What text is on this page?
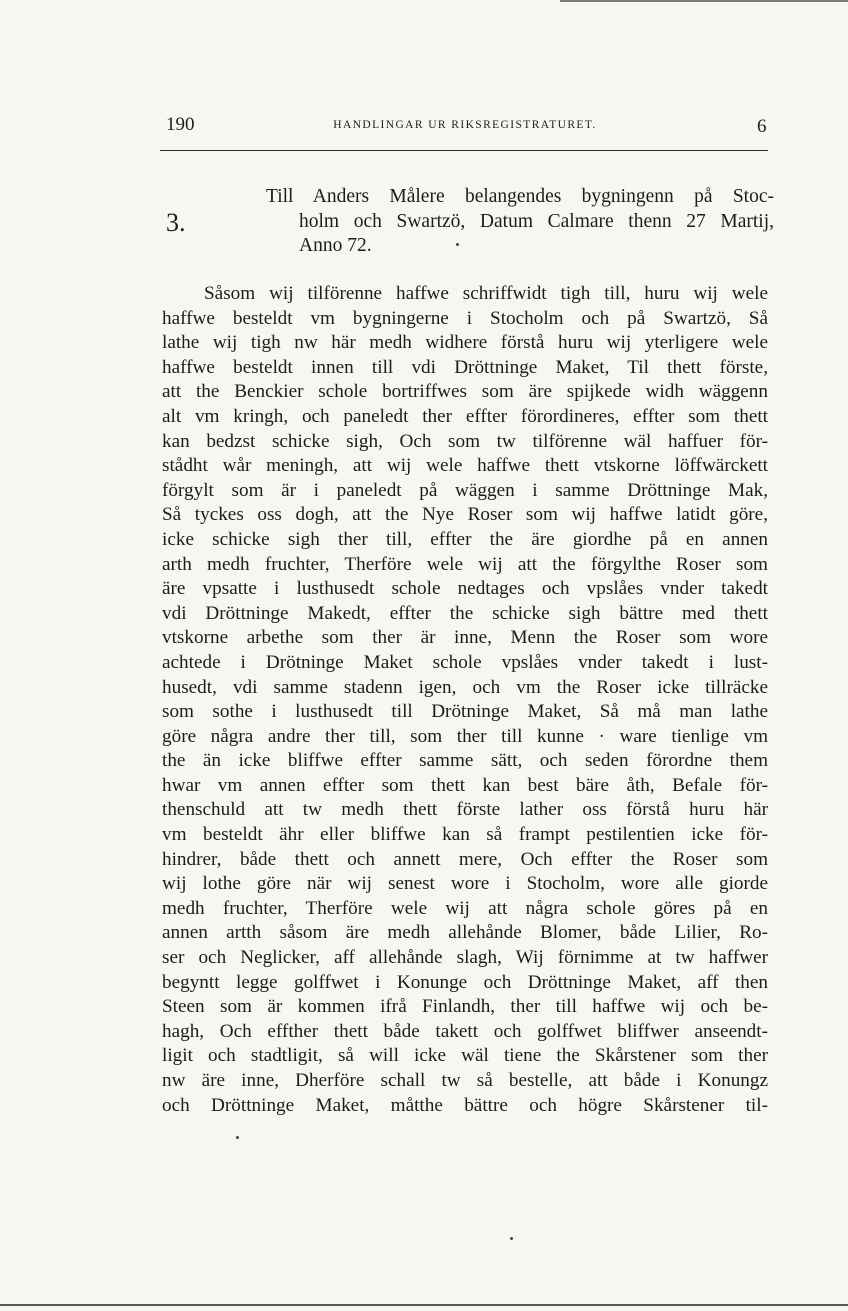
190	HANDLINGAR UR RIKSREGISTRATURET.	6
3.
Till Anders Målere belangendes bygningenn på Stoc-
holm och Swartzö, Datum Calmare thenn 27 Martij,
Anno 72.
Såsom wij tilförenne haffwe schriffwidt tigh till, huru wij wele
haffwe besteldt vm bygningerne i Stocholm och på Swartzö, Så
lathe wij tigh nw här medh widhere förstå huru wij yterligere wele
haffwe besteldt innen till vdi Dröttninge Maket, Til thett förste,
att the Benckier schole bortriffwes som äre spijkede widh wäggenn
alt vm kringh, och paneledt ther effter förordineres, effter som thett
kan bedzst schicke sigh, Och som tw tilförenne wäl haffuer för-
stådht wår meningh, att wij wele haffwe thett vtskorne löffwärckett
förgylt som är i paneledt på wäggen i samme Dröttninge Mak,
Så tyckes oss dogh, att the Nye Roser som wij haffwe latidt göre,
icke schicke sigh ther till, effter the äre giordhe på en annen
arth medh fruchter, Therföre wele wij att the förgylthe Roser som
äre vpsatte i lusthusedt schole nedtages och vpslåes vnder takedt
vdi Dröttninge Makedt, effter the schicke sigh bättre med thett
vtskorne arbethe som ther är inne, Menn the Roser som wore
achtede i Drötninge Maket schole vpslåes vnder takedt i lust-
husedt, vdi samme stadenn igen, och vm the Roser icke tillräcke
som sothe i lusthusedt till Drötninge Maket, Så må man lathe
göre några andre ther till, som ther till kunne · ware tienlige vm
the än icke bliffwe effter samme sätt, och seden förordne them
hwar vm annen effter som thett kan best bäre åth, Befale för-
thenschuld att tw medh thett förste lather oss förstå huru här
vm besteldt ähr eller bliffwe kan så frampt pestilentien icke för-
hindrer, både thett och annett mere, Och effter the Roser som
wij lothe göre när wij senest wore i Stocholm, wore alle giorde
medh fruchter, Therföre wele wij att några schole göres på en
annen artth såsom äre medh allehånde Blomer, både Lilier, Ro-
ser och Neglicker, aff allehånde slagh, Wij förnimme at tw haffwer
begyntt legge golffwet i Konunge och Dröttninge Maket, aff then
Steen som är kommen ifrå Finlandh, ther till haffwe wij och be-
hagh, Och effther thett både takett och golffwet bliffwer anseendt-
ligit och stadtligit, så will icke wäl tiene the Skårstener som ther
nw äre inne, Dherföre schall tw så bestelle, att både i Konungz
och Dröttninge Maket, måtthe bättre och högre Skårstener til-
